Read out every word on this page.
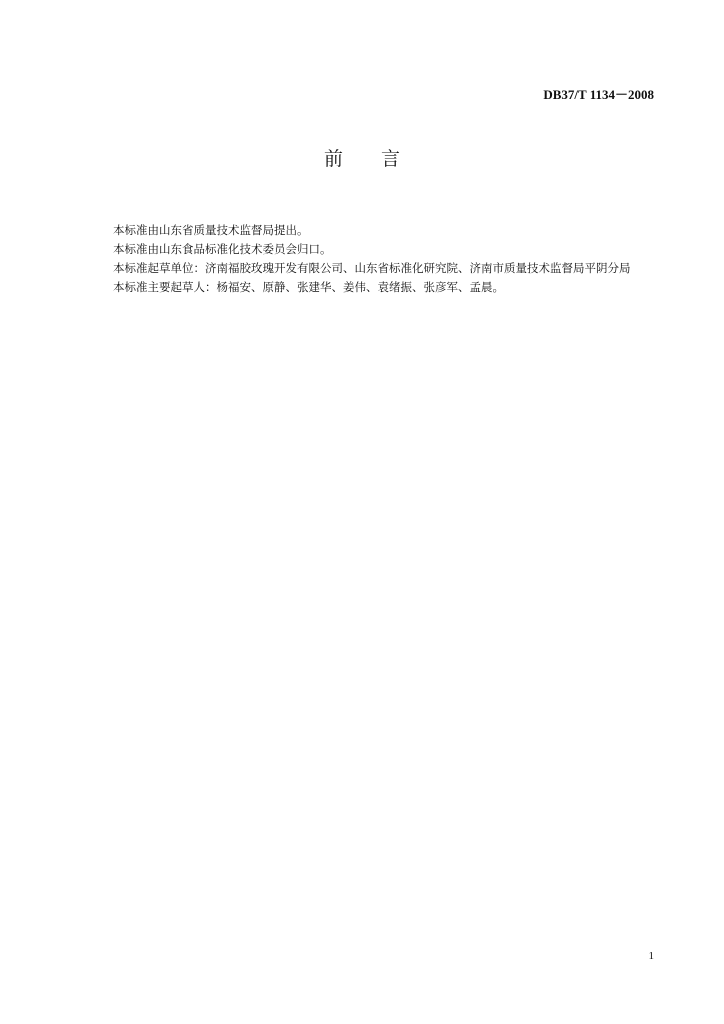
DB37/T 1134－2008
前　　言

本标准由山东省质量技术监督局提出。

本标准由山东食品标准化技术委员会归口。

本标准起草单位：济南福胶玫瑰开发有限公司、山东省标准化研究院、济南市质量技术监督局平阴分局

本标准主要起草人：杨福安、原静、张建华、姜伟、袁绪振、张彦军、孟晨。

1
